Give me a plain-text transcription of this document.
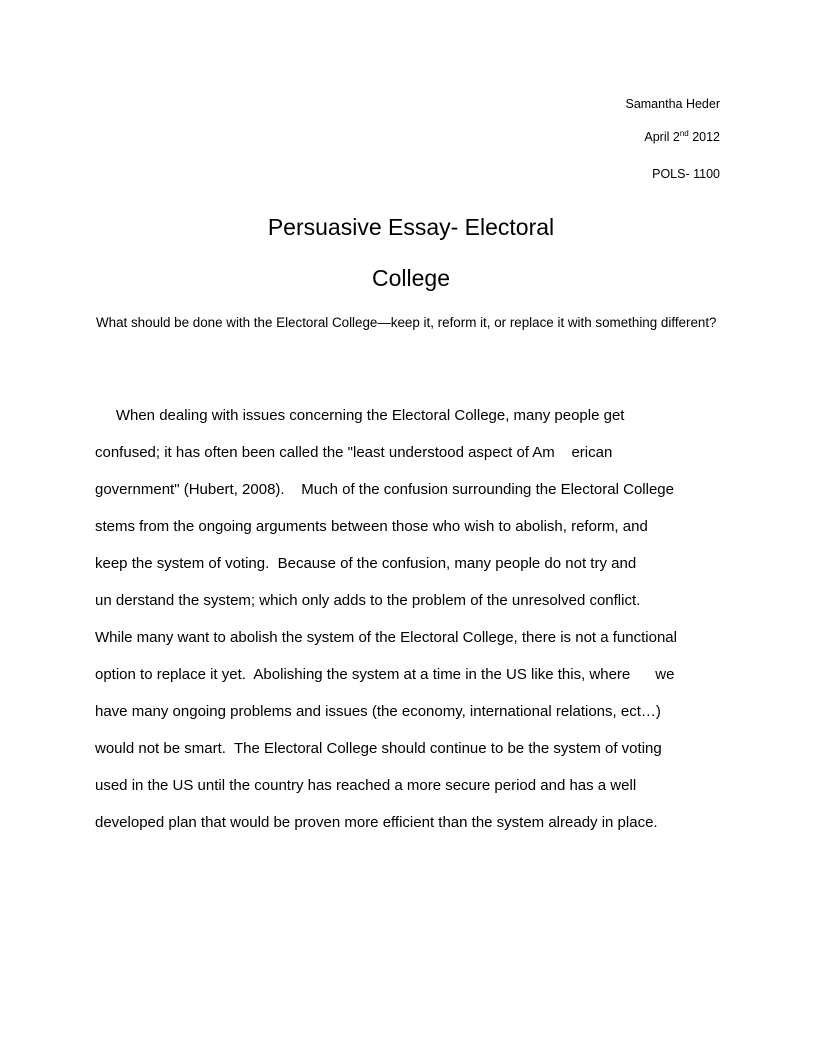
Samantha Heder
April 2nd 2012
POLS- 1100
Persuasive Essay- Electoral
College
What should be done with the Electoral College—keep it, reform it, or replace it with something different?
When dealing with issues concerning the Electoral College, many people get
confused; it has often been called the "least understood aspect of Am    erican
government" (Hubert, 2008).    Much of the confusion surrounding the Electoral College
stems from the ongoing arguments between those who wish to abolish, reform, and
keep the system of voting.  Because of the confusion, many people do not try and
un derstand the system; which only adds to the problem of the unresolved conflict.
While many want to abolish the system of the Electoral College, there is not a functional
option to replace it yet.  Abolishing the system at a time in the US like this, where      we
have many ongoing problems and issues (the economy, international relations, ect…)
would not be smart.  The Electoral College should continue to be the system of voting
used in the US until the country has reached a more secure period and has a well
developed plan that would be proven more efficient than the system already in place.
